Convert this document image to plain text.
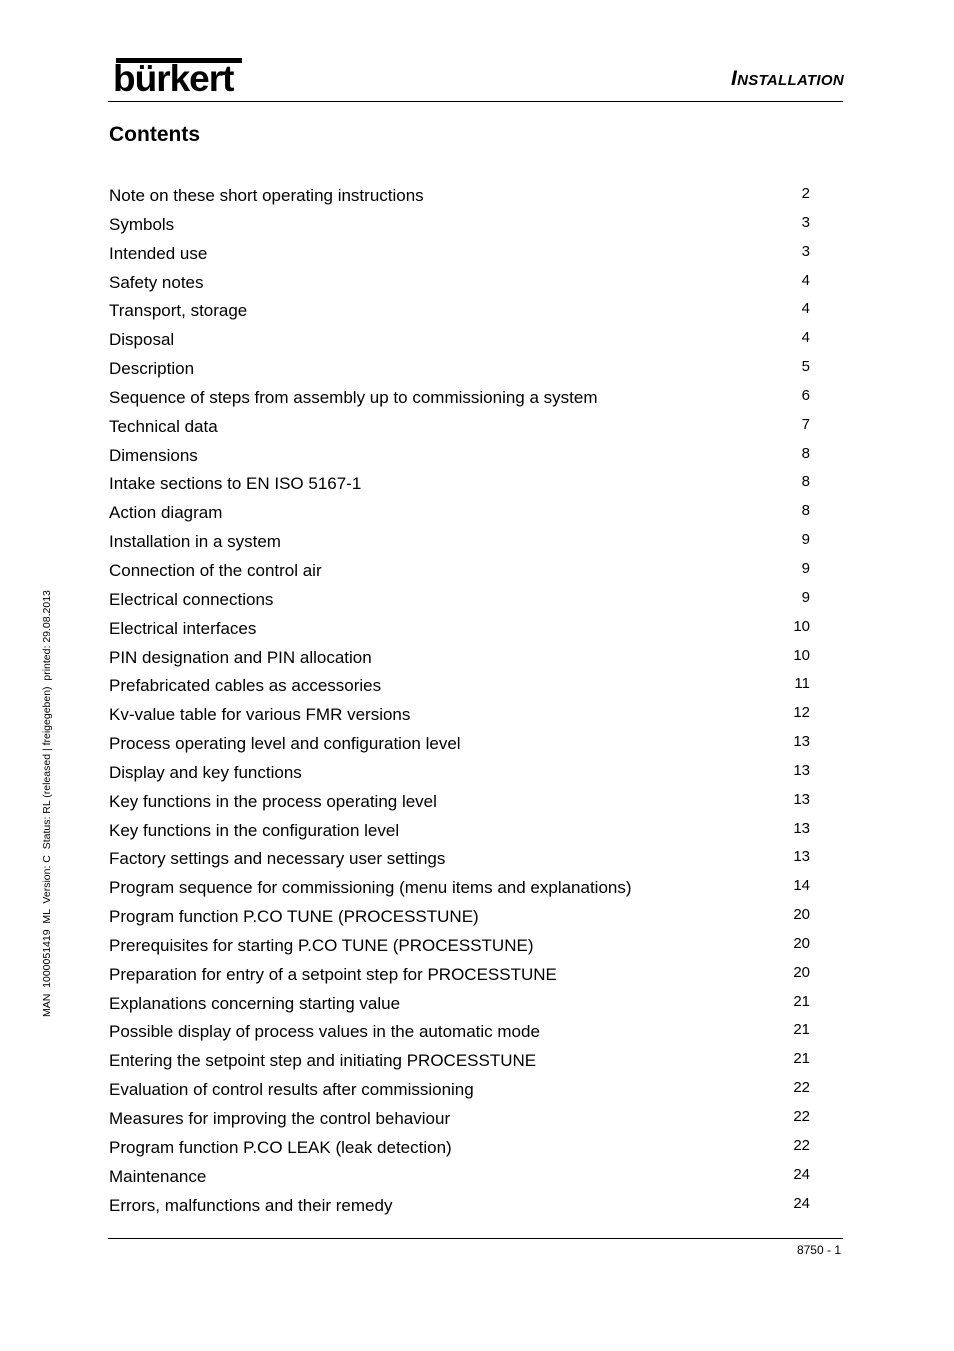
bürkert	INSTALLATION
Contents
Note on these short operating instructions	2
Symbols	3
Intended use	3
Safety notes	4
Transport, storage	4
Disposal	4
Description	5
Sequence of steps from assembly up to commissioning a system	6
Technical data	7
Dimensions	8
Intake sections to EN ISO 5167-1	8
Action diagram	8
Installation in a system	9
Connection of the control air	9
Electrical connections	9
Electrical interfaces	10
PIN designation and PIN allocation	10
Prefabricated cables as accessories	11
Kv-value table for various FMR versions	12
Process operating level and configuration level	13
Display and key functions	13
Key functions in the process operating level	13
Key functions in the configuration level	13
Factory settings and necessary user settings	13
Program sequence for commissioning (menu items and explanations)	14
Program function P.CO TUNE (PROCESSTUNE)	20
Prerequisites for starting P.CO TUNE (PROCESSTUNE)	20
Preparation for entry of a setpoint step for PROCESSTUNE	20
Explanations concerning starting value	21
Possible display of process values in the automatic mode	21
Entering the setpoint step and initiating PROCESSTUNE	21
Evaluation of control results after commissioning	22
Measures for improving the control behaviour	22
Program function P.CO LEAK (leak detection)	22
Maintenance	24
Errors, malfunctions and their remedy	24
8750 - 1
MAN  1000051419  ML  Version: C  Status: RL (released | freigegeben)  printed: 29.08.2013
